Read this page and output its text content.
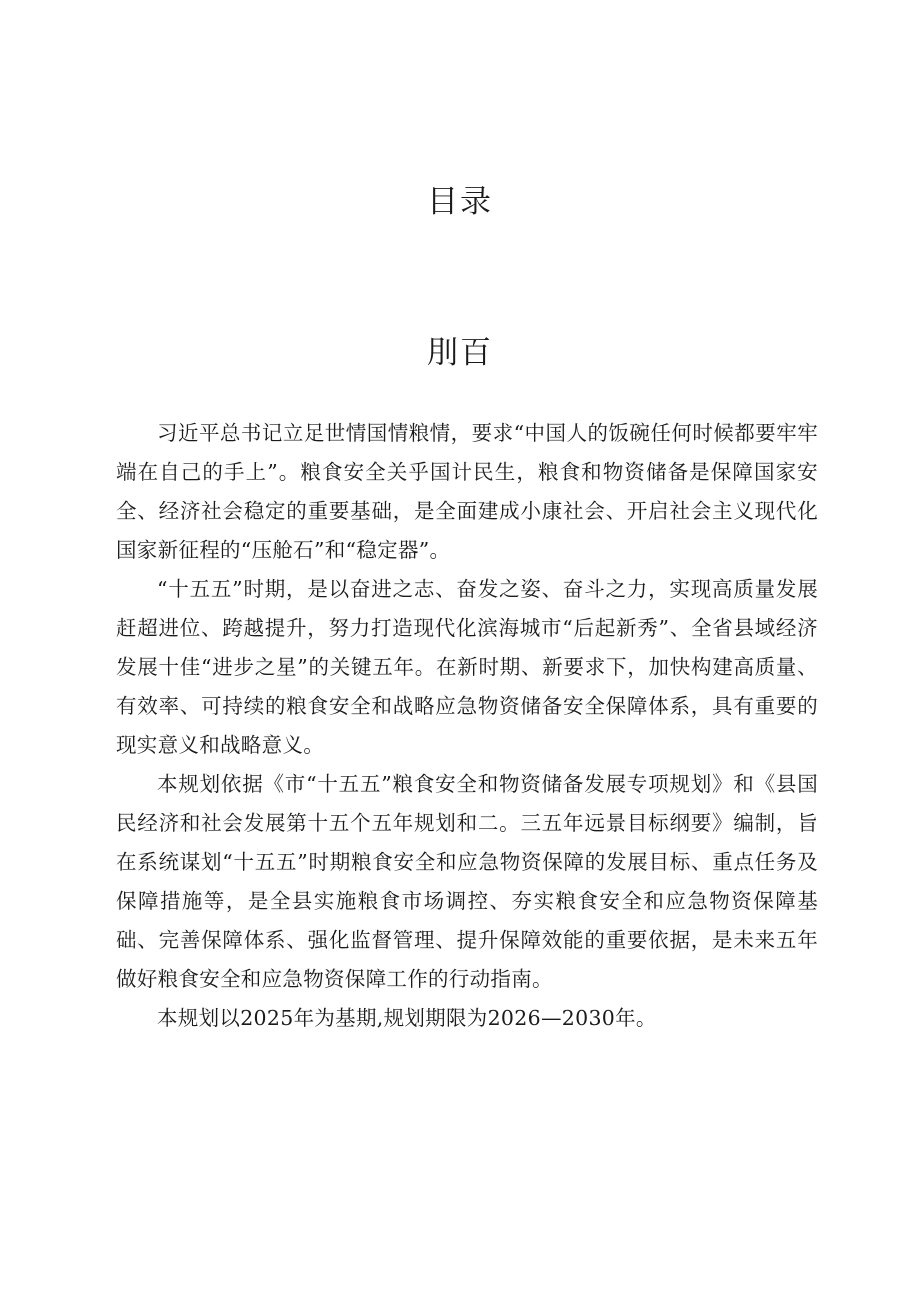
目录
刖百

习近平总书记立足世情国情粮情，要求“中国人的饭碗任何时候都要牢牢端在自己的手上”。粮食安全关乎国计民生，粮食和物资储备是保障国家安全、经济社会稳定的重要基础，是全面建成小康社会、开启社会主义现代化国家新征程的“压舱石”和“稳定器”。

“十五五”时期，是以奋进之志、奋发之姿、奋斗之力，实现高质量发展赶超进位、跨越提升，努力打造现代化滨海城市“后起新秀”、全省县域经济发展十佳“进步之星”的关键五年。在新时期、新要求下，加快构建高质量、有效率、可持续的粮食安全和战略应急物资储备安全保障体系，具有重要的现实意义和战略意义。

本规划依据《市“十五五”粮食安全和物资储备发展专项规划》和《县国民经济和社会发展第十五个五年规划和二。三五年远景目标纲要》编制，旨在系统谋划“十五五”时期粮食安全和应急物资保障的发展目标、重点任务及保障措施等，是全县实施粮食市场调控、夯实粮食安全和应急物资保障基础、完善保障体系、强化监督管理、提升保障效能的重要依据，是未来五年做好粮食安全和应急物资保障工作的行动指南。

本规划以2025年为基期,规划期限为2026—2030年。
